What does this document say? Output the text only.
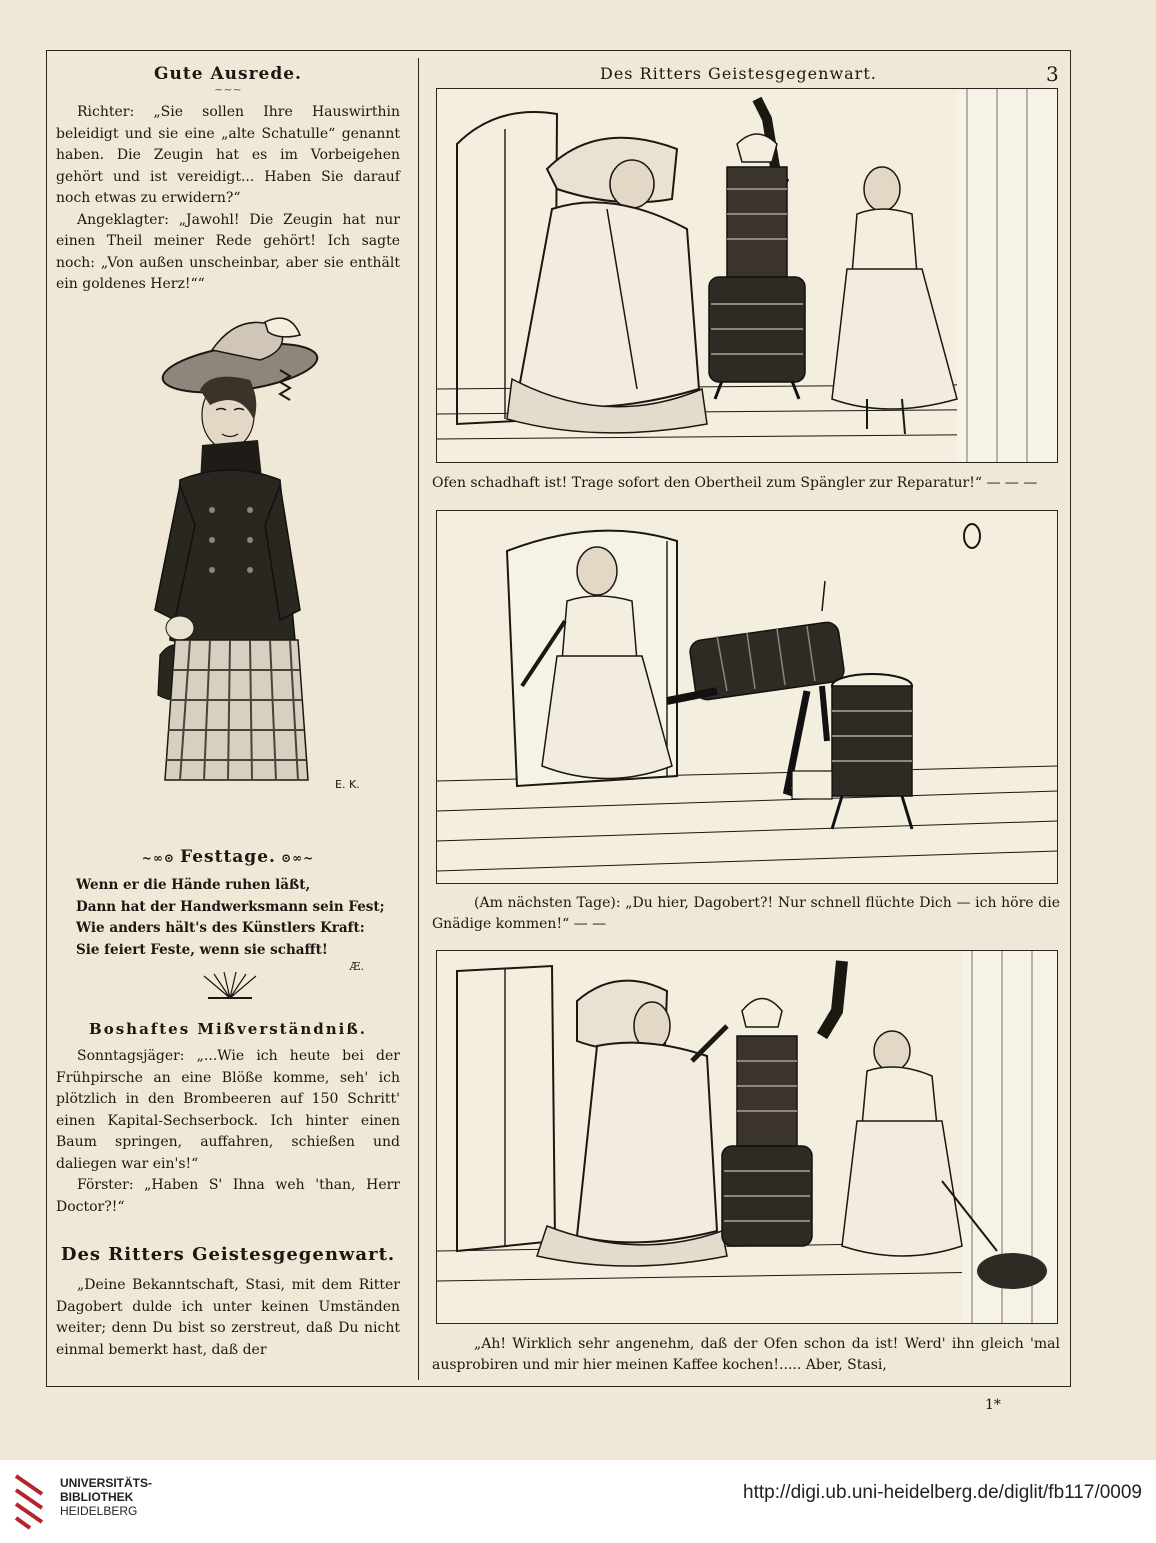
Des Ritters Geistesgegenwart.	3
Gute Ausrede.
~~~

Richter: „Sie sollen Ihre Hauswirthin beleidigt und sie eine „alte Schatulle“ genannt haben. Die Zeugin hat es im Vorbeigehen gehört und ist vereidigt... Haben Sie darauf noch etwas zu erwidern?“

Angeklagter: „Jawohl! Die Zeugin hat nur einen Theil meiner Rede gehört! Ich sagte noch: „Von außen unscheinbar, aber sie enthält ein goldenes Herz!““

E. K.
~∞⊙ Festtage. ⊙∞~
Wenn er die Hände ruhen läßt,
Dann hat der Handwerksmann sein Fest;
Wie anders hält's des Künstlers Kraft:
Sie feiert Feste, wenn sie schafft!
Æ.
Boshaftes Mißverständniß.

Sonntagsjäger: „...Wie ich heute bei der Frühpirsche an eine Blöße komme, seh' ich plötzlich in den Brombeeren auf 150 Schritt' einen Kapital-Sechserbock. Ich hinter einen Baum springen, auffahren, schießen und daliegen war ein's!“

Förster: „Haben S' Ihna weh 'than, Herr Doctor?!“

Des Ritters Geistesgegenwart.

„Deine Bekanntschaft, Stasi, mit dem Ritter Dagobert dulde ich unter keinen Umständen weiter; denn Du bist so zerstreut, daß Du nicht einmal bemerkt hast, daß der

Ofen schadhaft ist! Trage sofort den Obertheil zum Spängler zur Reparatur!“ — — —
(Am nächsten Tage): „Du hier, Dagobert?! Nur schnell flüchte Dich — ich höre die Gnädige kommen!“ — —
„Ah! Wirklich sehr angenehm, daß der Ofen schon da ist! Werd' ihn gleich 'mal ausprobiren und mir hier meinen Kaffee kochen!..... Aber, Stasi,
1*
UNIVERSITÄTS-
BIBLIOTHEK
HEIDELBERG
http://digi.ub.uni-heidelberg.de/diglit/fb117/0009
